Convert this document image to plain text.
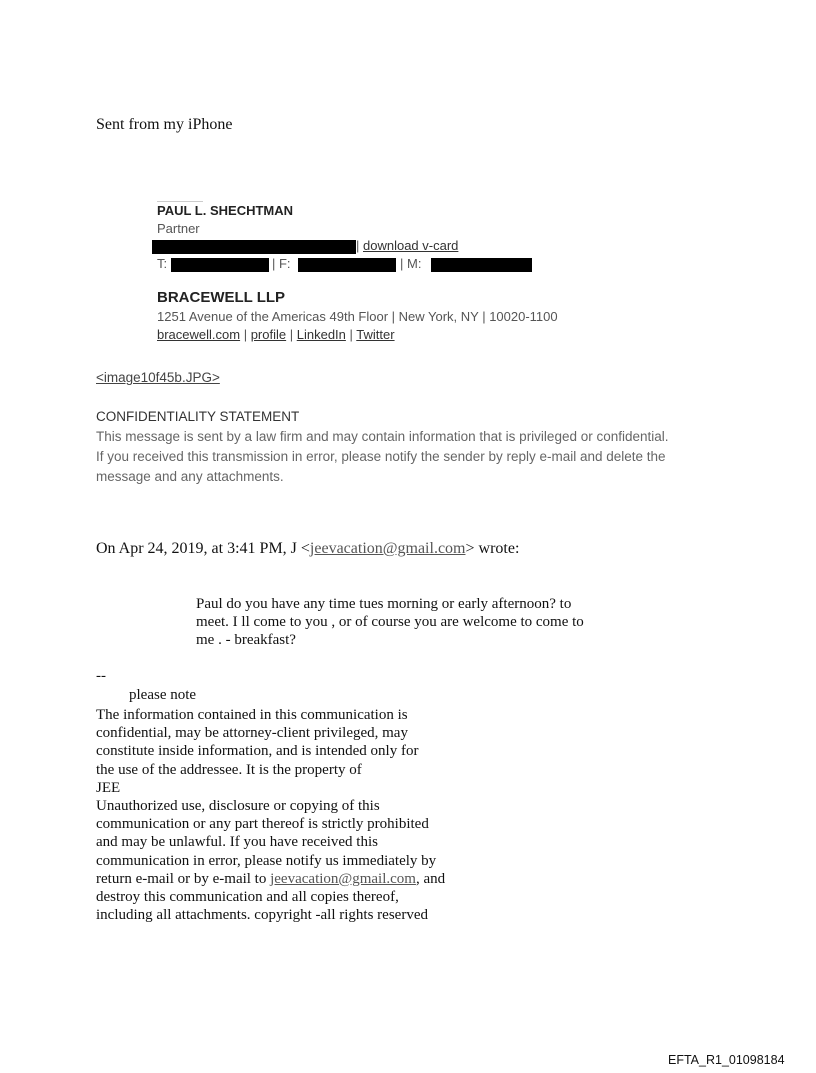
Sent from my iPhone
PAUL L. SHECHTMAN
Partner
| download v-card
T:	| F:	| M:
BRACEWELL LLP
1251 Avenue of the Americas 49th Floor | New York, NY | 10020-1100
bracewell.com | profile | LinkedIn | Twitter
<image10f45b.JPG>
CONFIDENTIALITY STATEMENT
This message is sent by a law firm and may contain information that is privileged or confidential.
If you received this transmission in error, please notify the sender by reply e-mail and delete the
message and any attachments.
On Apr 24, 2019, at 3:41 PM, J <jeevacation@gmail.com> wrote:
Paul do you have any time tues morning or early afternoon? to
meet. I ll come to you , or of course you are welcome to come to
me . - breakfast?
--
please note
The information contained in this communication is
confidential, may be attorney-client privileged, may
constitute inside information, and is intended only for
the use of the addressee. It is the property of
JEE
Unauthorized use, disclosure or copying of this
communication or any part thereof is strictly prohibited
and may be unlawful. If you have received this
communication in error, please notify us immediately by
return e-mail or by e-mail to jeevacation@gmail.com, and
destroy this communication and all copies thereof,
including all attachments. copyright -all rights reserved
EFTA_R1_01098184
